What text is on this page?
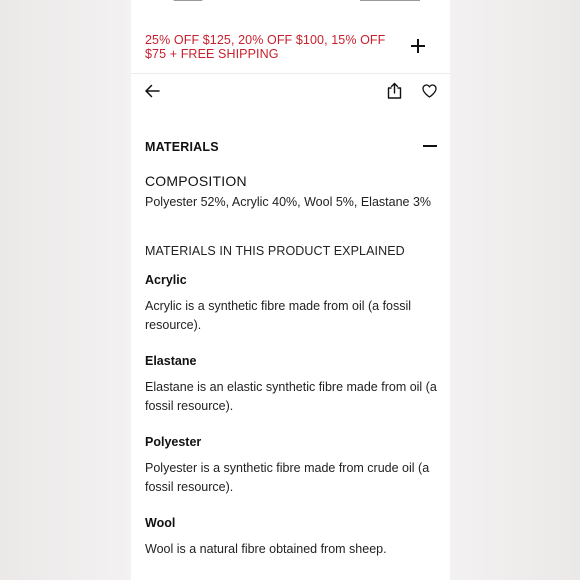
25% OFF $125, 20% OFF $100, 15% OFF $75 + FREE SHIPPING
MATERIALS
COMPOSITION
Polyester 52%, Acrylic 40%, Wool 5%, Elastane 3%
MATERIALS IN THIS PRODUCT EXPLAINED
Acrylic
Acrylic is a synthetic fibre made from oil (a fossil resource).
Elastane
Elastane is an elastic synthetic fibre made from oil (a fossil resource).
Polyester
Polyester is a synthetic fibre made from crude oil (a fossil resource).
Wool
Wool is a natural fibre obtained from sheep.
